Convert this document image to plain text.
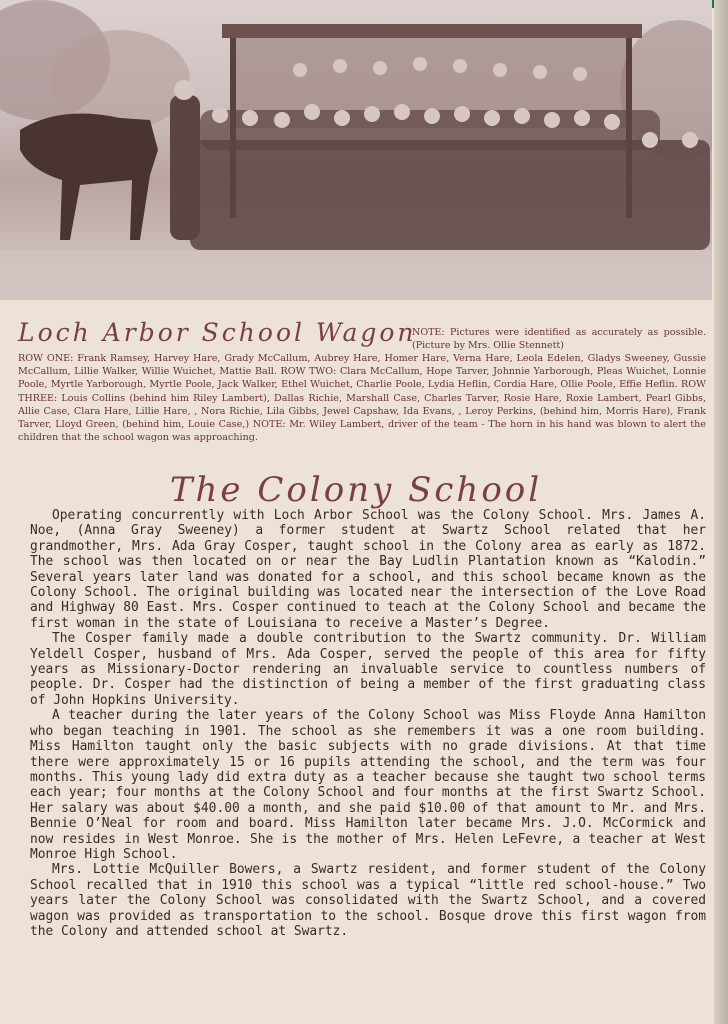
Loch Arbor School Wagon
NOTE: Pictures were identified as accurately as possible. (Picture by Mrs. Ollie Stennett)
ROW ONE: Frank Ramsey, Harvey Hare, Grady McCallum, Aubrey Hare, Homer Hare, Verna Hare, Leola Edelen, Gladys Sweeney, Gussie McCallum, Lillie Walker, Willie Wuichet, Mattie Ball. ROW TWO: Clara McCallum, Hope Tarver, Johnnie Yarborough, Pleas Wuichet, Lonnie Poole, Myrtle Yarborough, Myrtle Poole, Jack Walker, Ethel Wuichet, Charlie Poole, Lydia Heflin, Cordia Hare, Ollie Poole, Effie Heflin. ROW THREE: Louis Collins (behind him Riley Lambert), Dallas Richie, Marshall Case, Charles Tarver, Rosie Hare, Roxie Lambert, Pearl Gibbs, Allie Case, Clara Hare, Lillie Hare, , Nora Richie, Lila Gibbs, Jewel Capshaw, Ida Evans, , Leroy Perkins, (behind him, Morris Hare), Frank Tarver, Lloyd Green, (behind him, Louie Case,) NOTE: Mr. Wiley Lambert, driver of the team - The horn in his hand was blown to alert the children that the school wagon was approaching.
The Colony School

Operating concurrently with Loch Arbor School was the Colony School. Mrs. James A. Noe, (Anna Gray Sweeney) a former student at Swartz School related that her grandmother, Mrs. Ada Gray Cosper, taught school in the Colony area as early as 1872. The school was then located on or near the Bay Ludlin Plantation known as “Kalodin.” Several years later land was donated for a school, and this school became known as the Colony School. The original building was located near the intersection of the Love Road and Highway 80 East. Mrs. Cosper continued to teach at the Colony School and became the first woman in the state of Louisiana to receive a Master’s Degree.

The Cosper family made a double contribution to the Swartz community. Dr. William Yeldell Cosper, husband of Mrs. Ada Cosper, served the people of this area for fifty years as Missionary-Doctor rendering an invaluable service to countless numbers of people. Dr. Cosper had the distinction of being a member of the first graduating class of John Hopkins University.

A teacher during the later years of the Colony School was Miss Floyde Anna Hamilton who began teaching in 1901. The school as she remembers it was a one room building. Miss Hamilton taught only the basic subjects with no grade divisions. At that time there were approximately 15 or 16 pupils attending the school, and the term was four months. This young lady did extra duty as a teacher because she taught two school terms each year; four months at the Colony School and four months at the first Swartz School. Her salary was about $40.00 a month, and she paid $10.00 of that amount to Mr. and Mrs. Bennie O’Neal for room and board. Miss Hamilton later became Mrs. J.O. McCormick and now resides in West Monroe. She is the mother of Mrs. Helen LeFevre, a teacher at West Monroe High School.

Mrs. Lottie McQuiller Bowers, a Swartz resident, and former student of the Colony School recalled that in 1910 this school was a typical “little red school-house.” Two years later the Colony School was consolidated with the Swartz School, and a covered wagon was provided as transportation to the school. Bosque drove this first wagon from the Colony and attended school at Swartz.
